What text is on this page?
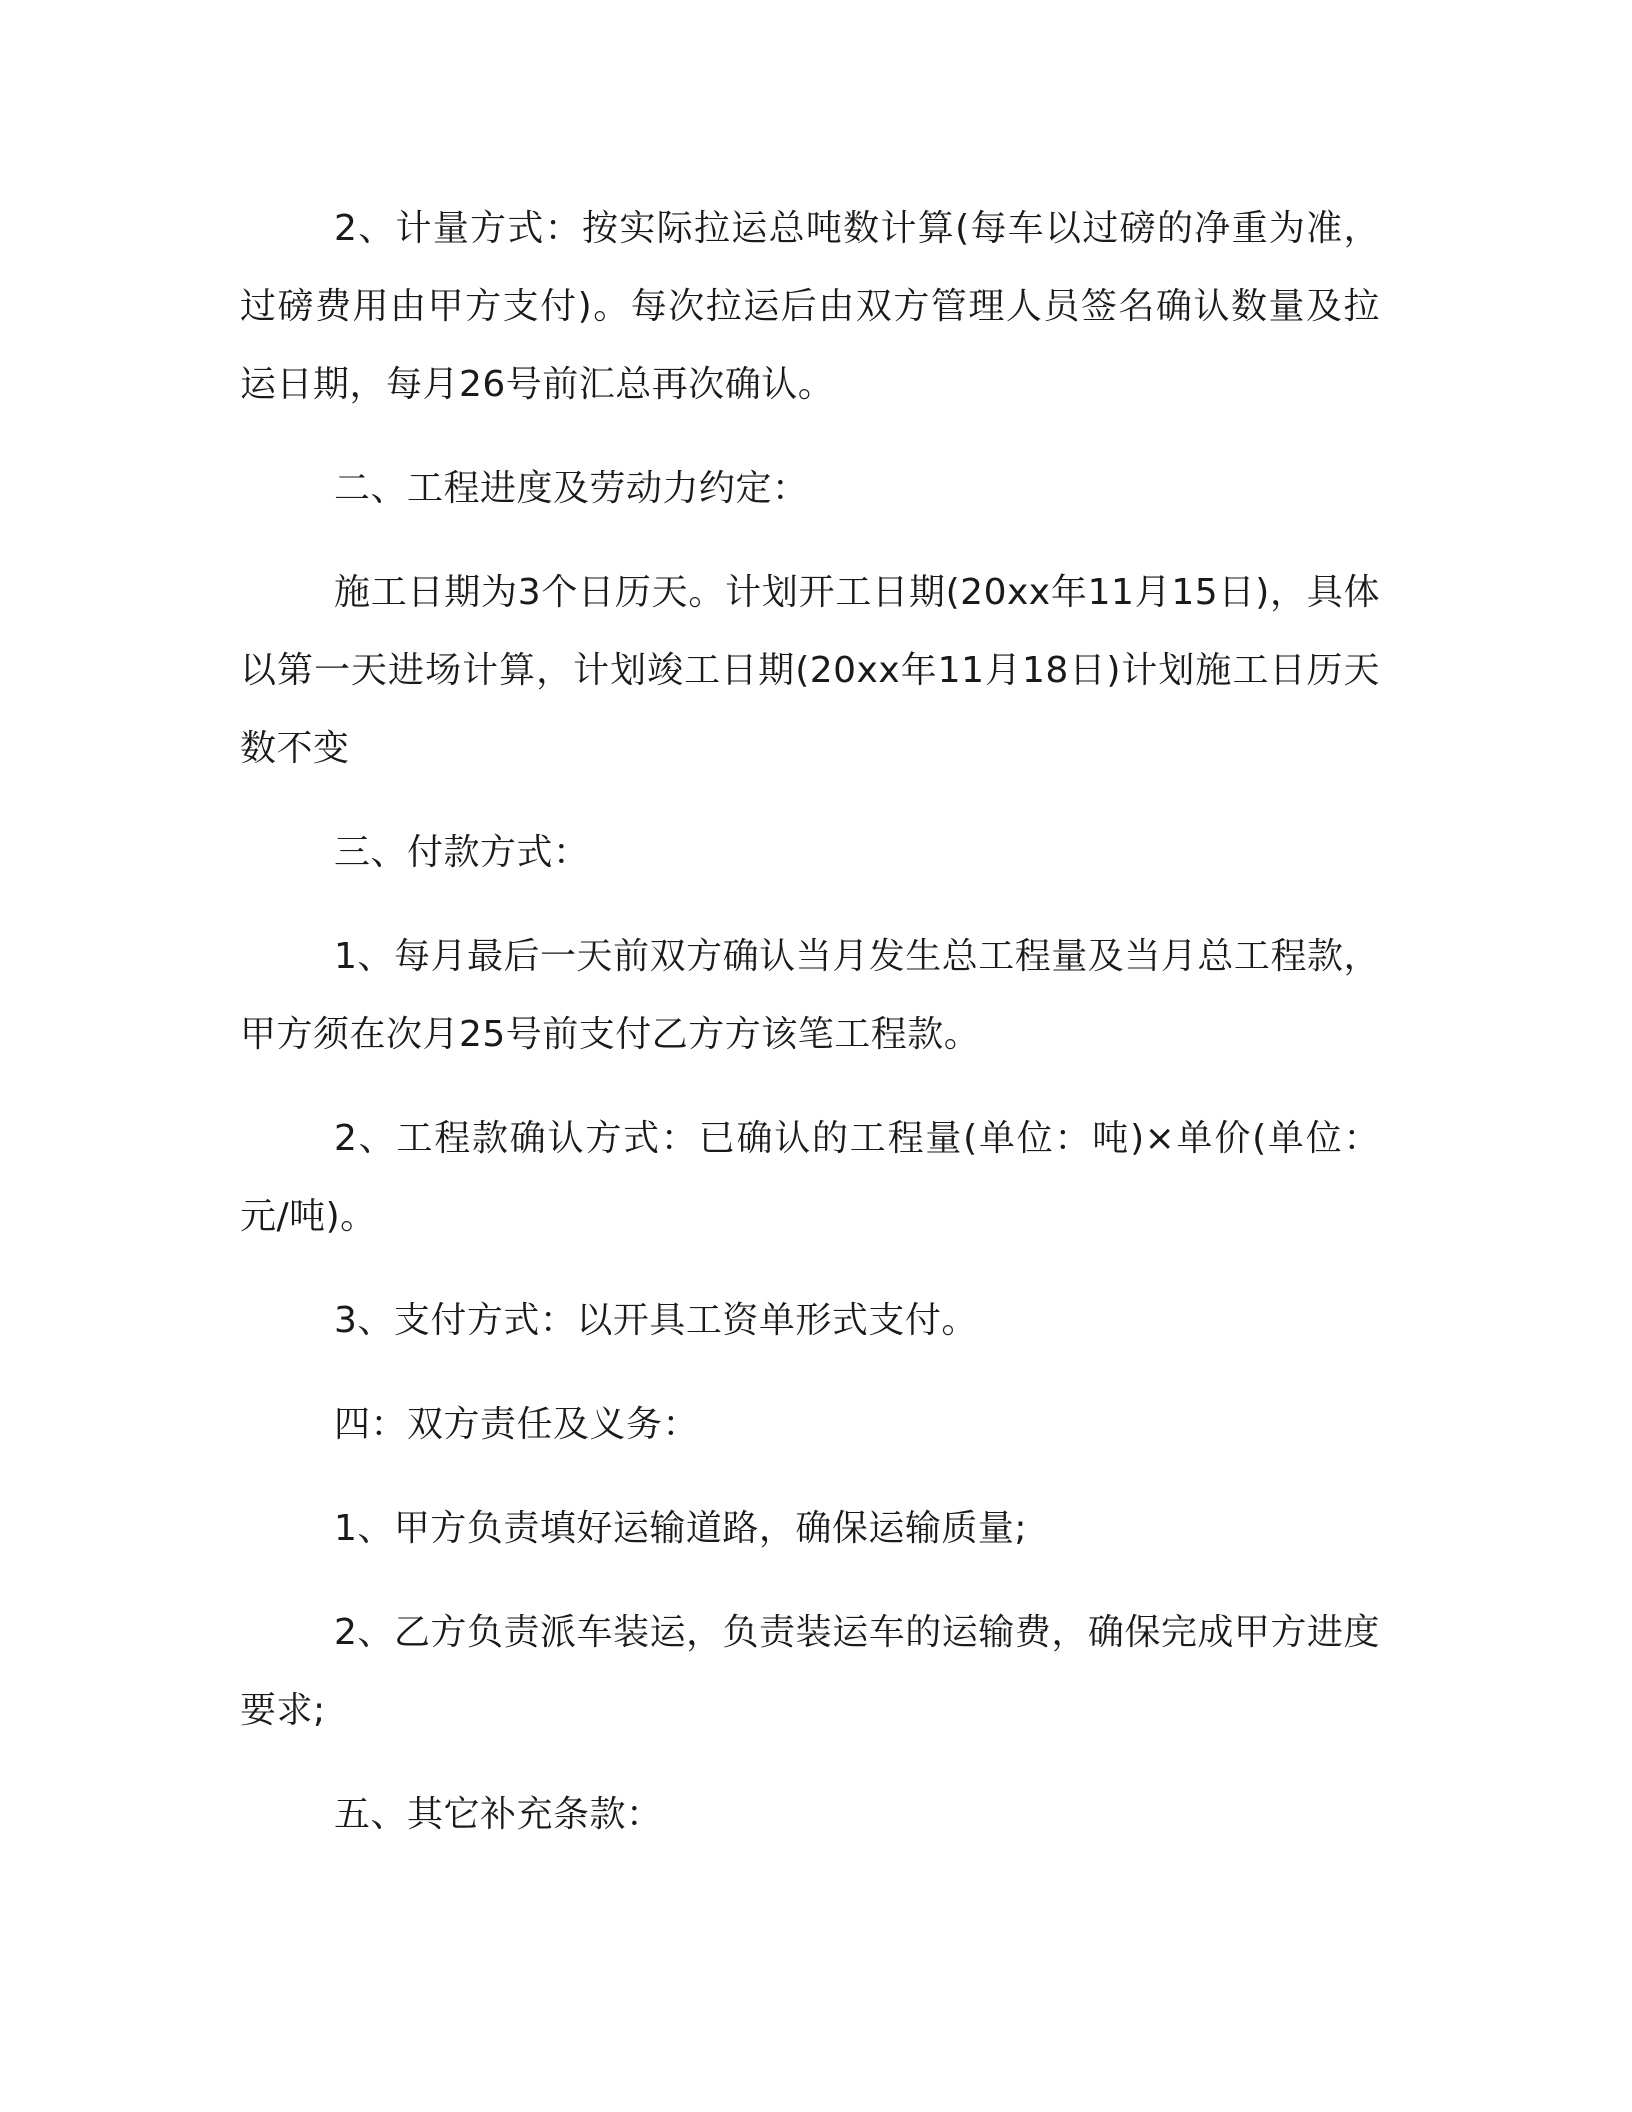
2、计量方式：按实际拉运总吨数计算(每车以过磅的净重为准，过磅费用由甲方支付)。每次拉运后由双方管理人员签名确认数量及拉运日期，每月26号前汇总再次确认。

二、工程进度及劳动力约定：

施工日期为3个日历天。计划开工日期(20xx年11月15日)，具体以第一天进场计算，计划竣工日期(20xx年11月18日)计划施工日历天数不变

三、付款方式：

1、每月最后一天前双方确认当月发生总工程量及当月总工程款，甲方须在次月25号前支付乙方方该笔工程款。

2、工程款确认方式：已确认的工程量(单位：吨)×单价(单位：元/吨)。

3、支付方式：以开具工资单形式支付。

四：双方责任及义务：

1、甲方负责填好运输道路，确保运输质量;

2、乙方负责派车装运，负责装运车的运输费，确保完成甲方进度要求;

五、其它补充条款：
